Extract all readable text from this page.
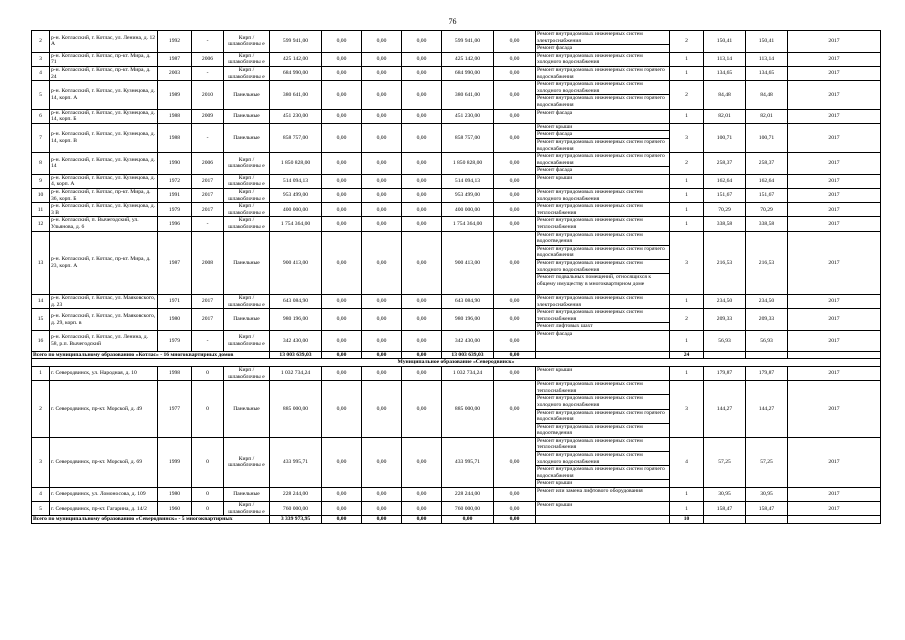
76
2	р-н. Котласский, г. Котлас, ул. Ленина, д. 12 А	1992	-	Кирп / шлакоблочны е	599 941,00	0,00	0,00	0,00	599 941,00	0,00	Ремонт внутридомовых инженерных систем электроснабжения
Ремонт фасада	2	150,41	150,41	2017
3	р-н. Котласский, г. Котлас, пр-кт. Мира, д. 71	1987	2006	Кирп / шлакоблочны е	425 142,00	0,00	0,00	0,00	425 142,00	0,00	Ремонт внутридомовых инженерных систем холодного водоснабжения	1	113,14	113,14	2017
4	р-н. Котласский, г. Котлас, пр-кт. Мира, д. 24	2003	-	Кирп / шлакоблочны е	684 990,00	0,00	0,00	0,00	684 990,00	0,00	Ремонт внутридомовых инженерных систем горячего водоснабжения	1	134,65	134,65	2017
5	р-н. Котласский, г. Котлас, ул. Кузнецова, д. 14, корп. А	1989	2010	Панельные	380 641,00	0,00	0,00	0,00	380 641,00	0,00	Ремонт внутридомовых инженерных систем холодного водоснабжения
Ремонт внутридомовых инженерных систем горячего водоснабжения	2	84,48	84,48	2017
6	р-н. Котласский, г. Котлас, ул. Кузнецова, д. 14, корп. Б	1988	2009	Панельные	451 230,00	0,00	0,00	0,00	451 230,00	0,00	Ремонт фасада	1	82,01	82,01	2017
7	р-н. Котласский, г. Котлас, ул. Кузнецова, д. 14, корп. В	1988	-	Панельные	858 757,00	0,00	0,00	0,00	858 757,00	0,00	Ремонт крыши
Ремонт фасада
Ремонт внутридомовых инженерных систем горячего водоснабжения	3	100,71	100,71	2017
8	р-н. Котласский, г. Котлас, ул. Кузнецова, д. 14	1990	2006	Кирп / шлакоблочны е	1 850 828,00	0,00	0,00	0,00	1 850 828,00	0,00	Ремонт внутридомовых инженерных систем горячего водоснабжения
Ремонт фасада	2	258,37	258,37	2017
9	р-н. Котласский, г. Котлас, ул. Кузнецова, д. 4, корп. А	1972	2017	Кирп / шлакоблочны е	514 094,13	0,00	0,00	0,00	514 094,13	0,00	Ремонт крыши	1	162,64	162,64	2017
10	р-н. Котласский, г. Котлас, пр-кт. Мира, д. 36, корп. Б	1991	2017	Кирп / шлакоблочны е	953 499,00	0,00	0,00	0,00	953 499,00	0,00	Ремонт внутридомовых инженерных систем холодного водоснабжения	1	151,67	151,67	2017
11	р-н. Котласский, г. Котлас, ул. Кузнецова, д. 3 В	1979	2017	Кирп / шлакоблочны е	400 000,00	0,00	0,00	0,00	400 000,00	0,00	Ремонт внутридомовых инженерных систем теплоснабжения	1	70,29	70,29	2017
12	р-н. Котласский, п. Вычегодский, ул. Ульянова, д. 6	1996	-	Кирп / шлакоблочны е	1 754 364,00	0,00	0,00	0,00	1 754 364,00	0,00	Ремонт внутридомовых инженерных систем теплоснабжения	1	338,58	338,58	2017
13	р-н. Котласский, г. Котлас, пр-кт. Мира, д. 23, корп. А	1987	2008	Панельные	900 413,00	0,00	0,00	0,00	900 413,00	0,00	Ремонт внутридомовых инженерных систем водоотведения
Ремонт внутридомовых инженерных систем горячего водоснабжения
Ремонт внутридомовых инженерных систем холодного водоснабжения
Ремонт подвальных помещений, относящихся к общему имуществу в многоквартирном доме	3	216,53	216,53	2017
14	р-н. Котласский, г. Котлас, ул. Маяковского, д. 23	1971	2017	Кирп / шлакоблочны е	643 084,90	0,00	0,00	0,00	643 084,90	0,00	Ремонт внутридомовых инженерных систем электроснабжения	1	234,50	234,50	2017
15	р-н. Котласский, г. Котлас, ул. Маяковского, д. 29, корп. в	1980	2017	Панельные	980 196,00	0,00	0,00	0,00	980 196,00	0,00	Ремонт внутридомовых инженерных систем теплоснабжения
Ремонт лифтовых шахт	2	209,33	209,33	2017
16	р-н. Котласский, г. Котлас, ул. Ленина, д. 58, р.п. Вычегодский	1979	-	Кирп / шлакоблочны е	342 430,00	0,00	0,00	0,00	342 430,00	0,00	Ремонт фасада	1	56,93	56,93	2017
Всего по муниципальному образованию «Котлас» - 16 многоквартирных домов					13 003 639,03	0,00	0,00	0,00	13 003 639,03	0,00		24			
Муниципальное образование «Северодвинск»															
1	г. Северодвинск, ул. Народная, д. 10	1998	0	Кирп / шлакоблочны е	1 032 734,24	0,00	0,00	0,00	1 032 734,24	0,00	Ремонт крыши	1	179,87	179,87	2017
2	г. Северодвинск, пр-кт. Морской, д. 49	1977	0	Панельные	885 000,00	0,00	0,00	0,00	885 000,00	0,00	Ремонт внутридомовых инженерных систем теплоснабжения
Ремонт внутридомовых инженерных систем холодного водоснабжения
Ремонт внутридомовых инженерных систем горячего водоснабжения
Ремонт внутридомовых инженерных систем водоотведения	3	144,27	144,27	2017
3	г. Северодвинск, пр-кт. Морской, д. 69	1999	0	Кирп / шлакоблочны е	433 995,71	0,00	0,00	0,00	433 995,71	0,00	Ремонт внутридомовых инженерных систем теплоснабжения
Ремонт внутридомовых инженерных систем холодного водоснабжения
Ремонт внутридомовых инженерных систем горячего водоснабжения
Ремонт крыши	4	57,25	57,25	2017
4	г. Северодвинск, ул. Ломоносова, д. 109	1980	0	Панельные	228 244,00	0,00	0,00	0,00	228 244,00	0,00	Ремонт или замена лифтового оборудования	1	30,95	30,95	2017
5	г. Северодвинск, пр-кт. Гагарина, д. 14/2	1960	0	Кирп / шлакоблочны е	760 000,00	0,00	0,00	0,00	760 000,00	0,00	Ремонт крыши	1	158,47	158,47	2017
Всего по муниципальному образованию «Северодвинск» - 5 многоквартирных					3 339 973,95	0,00	0,00	0,00	0,00	0,00		10			
